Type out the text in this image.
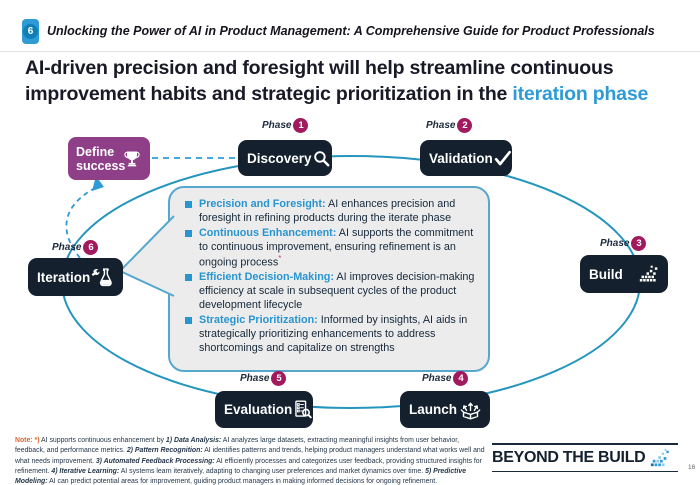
6	Unlocking the Power of AI in Product Management: A Comprehensive Guide for Product Professionals
AI-driven precision and foresight will help streamline continuous improvement habits and strategic prioritization in the iteration phase
Precision and Foresight: AI enhances precision and foresight in refining products during the iterate phase
Continuous Enhancement: AI supports the commitment to continuous improvement, ensuring refinement is an ongoing process*
Efficient Decision-Making: AI improves decision-making efficiency at scale in subsequent cycles of the product development lifecycle
Strategic Prioritization: Informed by insights, AI aids in strategically prioritizing enhancements to address shortcomings and capitalize on strengths
Define success
Phase 1	Phase 2
Phase 3
Phase 4
Phase 5
Phase 6
Discovery	Validation
Build
Launch
Evaluation
Iteration
Note: *) AI supports continuous enhancement by 1) Data Analysis: AI analyzes large datasets, extracting meaningful insights from user behavior, feedback, and performance metrics. 2) Pattern Recognition: AI identifies patterns and trends, helping product managers understand what works well and what needs improvement. 3) Automated Feedback Processing: AI efficiently processes and categorizes user feedback, providing structured insights for refinement. 4) Iterative Learning: AI systems learn iteratively, adapting to changing user preferences and market dynamics over time. 5) Predictive Modeling: AI can predict potential areas for improvement, guiding product managers in making informed decisions for ongoing refinement.
BEYOND THE BUILD
16
